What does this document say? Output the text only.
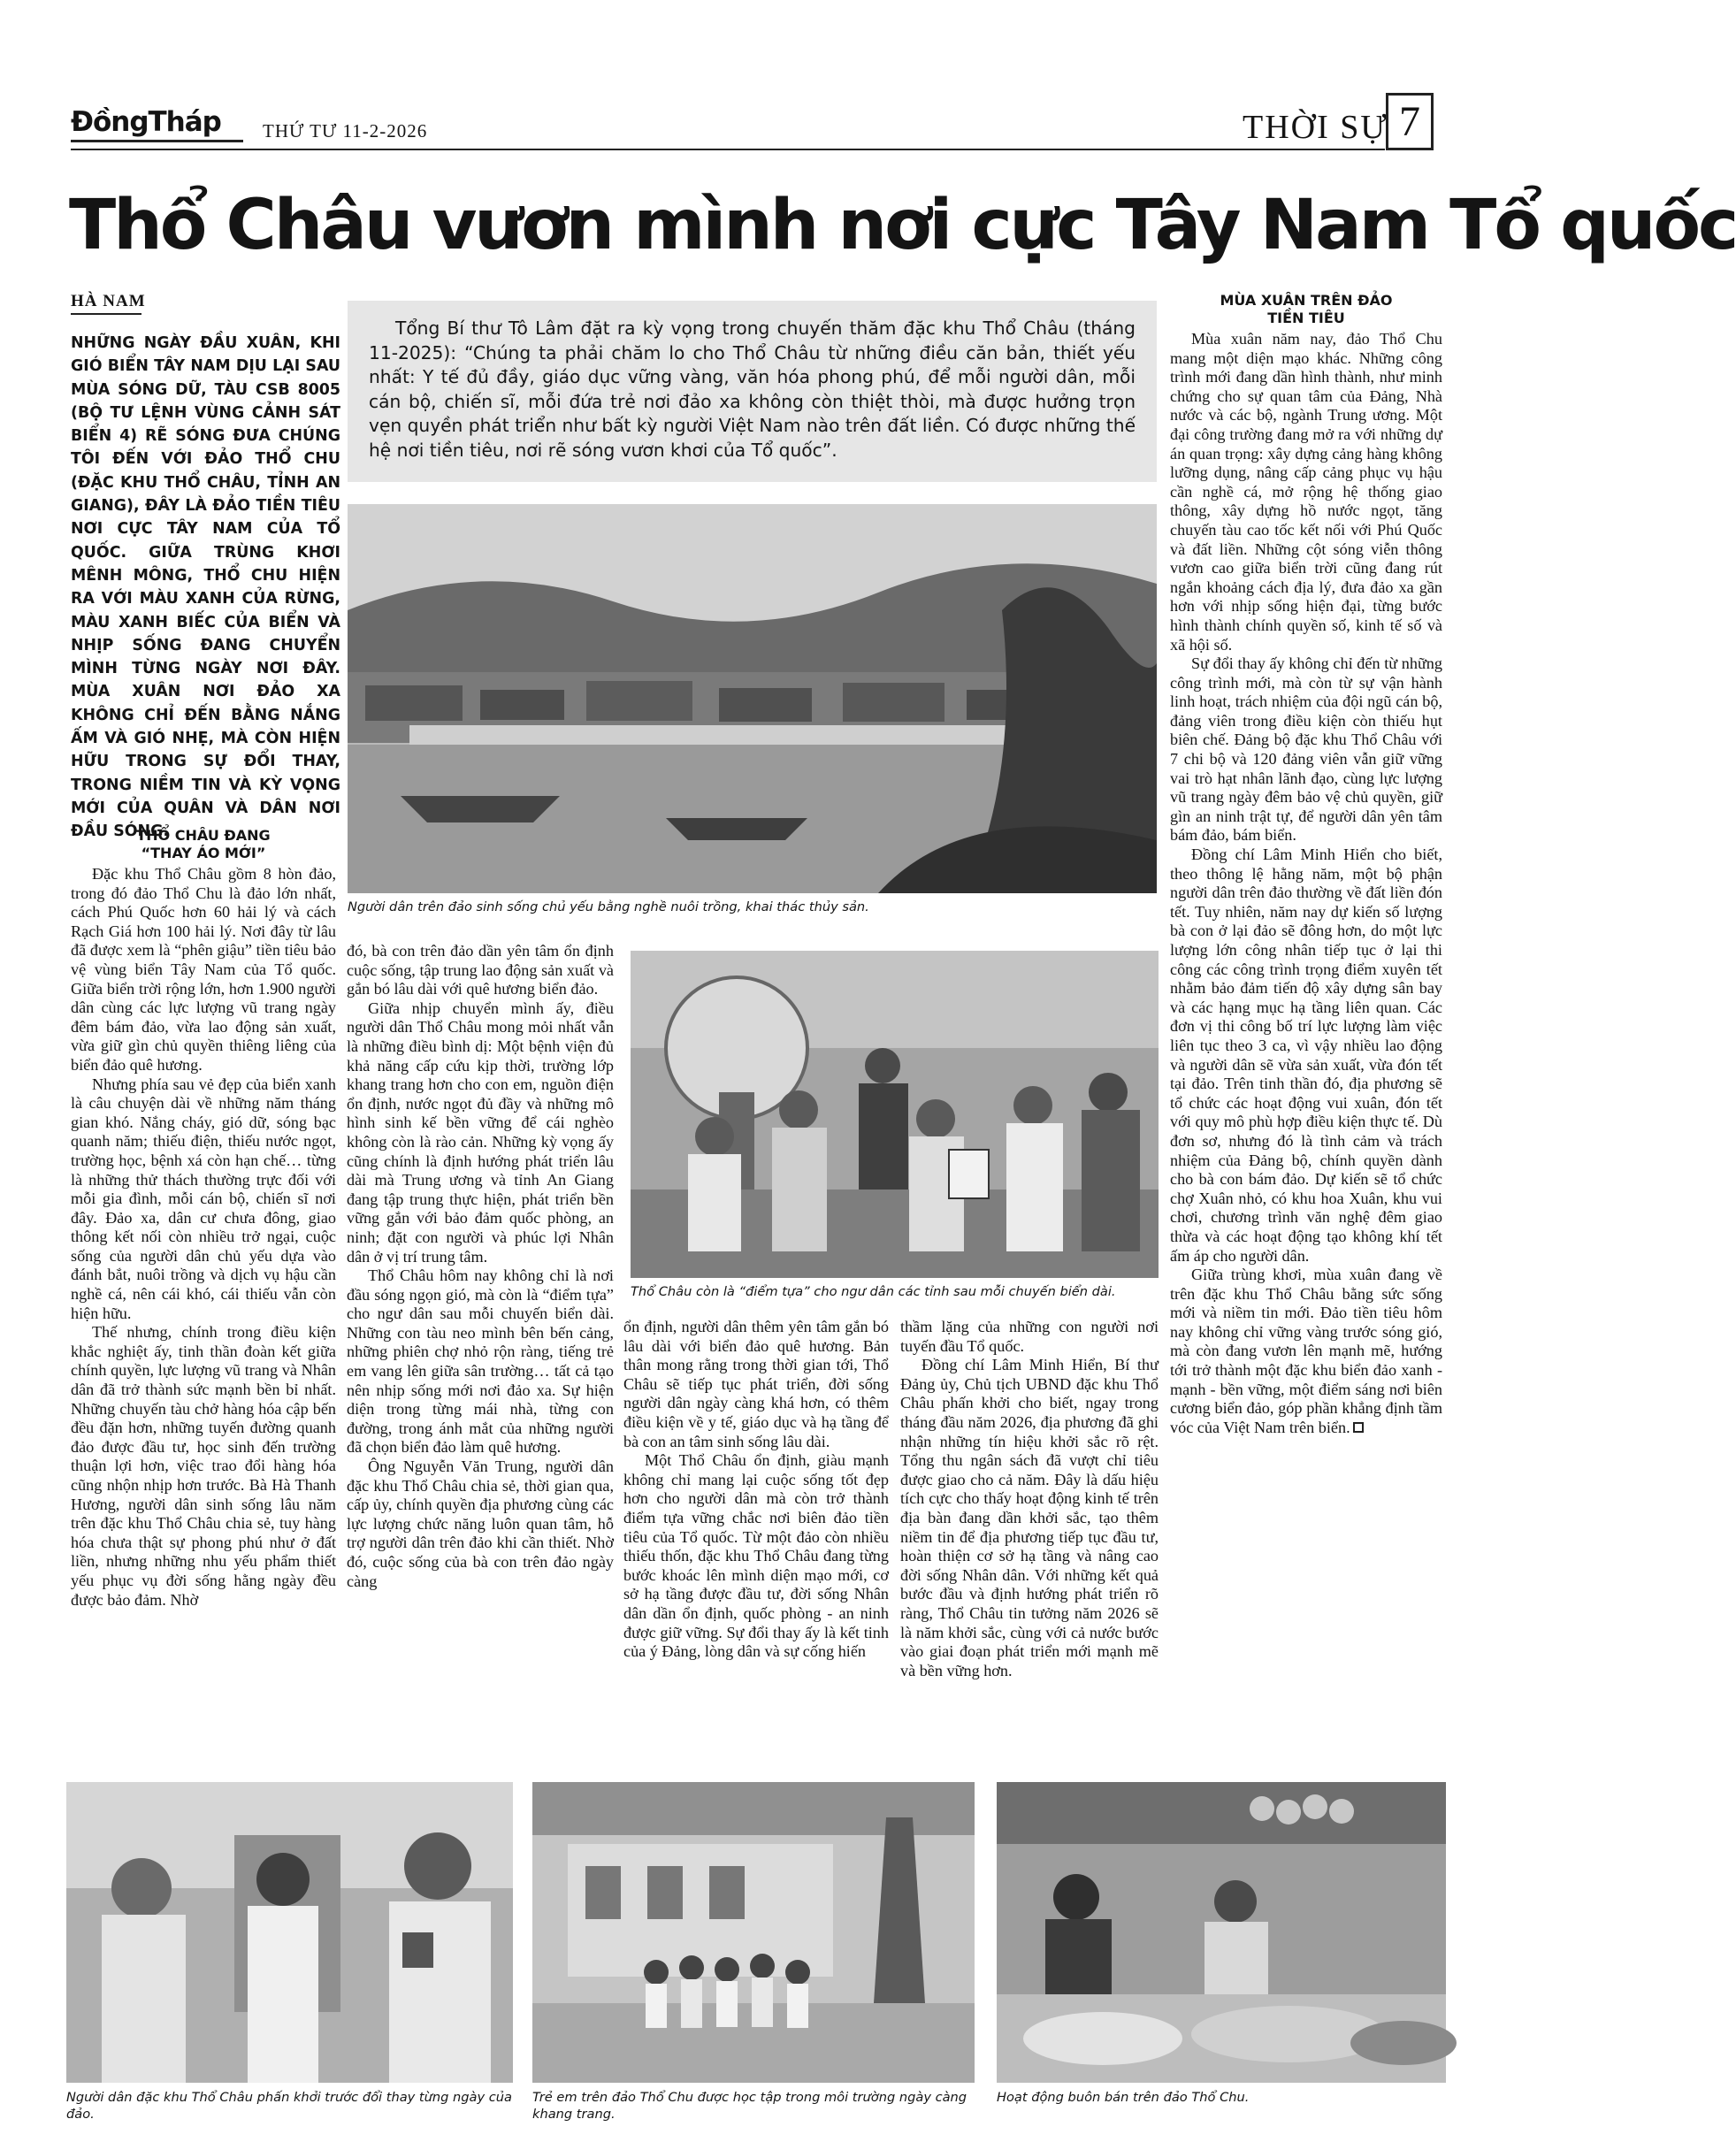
ĐồngTháp THỨ TƯ 11-2-2026	THỜI SỰ 7
Thổ Châu vươn mình nơi cực Tây Nam Tổ quốc
HÀ NAM

NHỮNG NGÀY ĐẦU XUÂN, KHI GIÓ BIỂN TÂY NAM DỊU LẠI SAU MÙA SÓNG DỮ, TÀU CSB 8005 (BỘ TƯ LỆNH VÙNG CẢNH SÁT BIỂN 4) RẼ SÓNG ĐƯA CHÚNG TÔI ĐẾN VỚI ĐẢO THỔ CHU (ĐẶC KHU THỔ CHÂU, TỈNH AN GIANG), ĐÂY LÀ ĐẢO TIỀN TIÊU NƠI CỰC TÂY NAM CỦA TỔ QUỐC. GIỮA TRÙNG KHƠI MÊNH MÔNG, THỔ CHU HIỆN RA VỚI MÀU XANH CỦA RỪNG, MÀU XANH BIẾC CỦA BIỂN VÀ NHỊP SỐNG ĐANG CHUYỂN MÌNH TỪNG NGÀY NƠI ĐÂY. MÙA XUÂN NƠI ĐẢO XA KHÔNG CHỈ ĐẾN BẰNG NẮNG ẤM VÀ GIÓ NHẸ, MÀ CÒN HIỆN HỮU TRONG SỰ ĐỔI THAY, TRONG NIỀM TIN VÀ KỲ VỌNG MỚI CỦA QUÂN VÀ DÂN NƠI ĐẦU SÓNG.

Tổng Bí thư Tô Lâm đặt ra kỳ vọng trong chuyến thăm đặc khu Thổ Châu (tháng 11-2025): “Chúng ta phải chăm lo cho Thổ Châu từ những điều căn bản, thiết yếu nhất: Y tế đủ đầy, giáo dục vững vàng, văn hóa phong phú, để mỗi người dân, mỗi cán bộ, chiến sĩ, mỗi đứa trẻ nơi đảo xa không còn thiệt thòi, mà được hưởng trọn vẹn quyền phát triển như bất kỳ người Việt Nam nào trên đất liền. Có được những thế hệ nơi tiền tiêu, nơi rẽ sóng vươn khơi của Tổ quốc”.

Người dân trên đảo sinh sống chủ yếu bằng nghề nuôi trồng, khai thác thủy sản.
Thổ Châu còn là “điểm tựa” cho ngư dân các tỉnh sau mỗi chuyến biển dài.
THỔ CHÂU ĐANG
“THAY ÁO MỚI”

Đặc khu Thổ Châu gồm 8 hòn đảo, trong đó đảo Thổ Chu là đảo lớn nhất, cách Phú Quốc hơn 60 hải lý và cách Rạch Giá hơn 100 hải lý. Nơi đây từ lâu đã được xem là “phên giậu” tiền tiêu bảo vệ vùng biển Tây Nam của Tổ quốc. Giữa biển trời rộng lớn, hơn 1.900 người dân cùng các lực lượng vũ trang ngày đêm bám đảo, vừa lao động sản xuất, vừa giữ gìn chủ quyền thiêng liêng của biển đảo quê hương.

Nhưng phía sau vẻ đẹp của biển xanh là câu chuyện dài về những năm tháng gian khó. Nắng cháy, gió dữ, sóng bạc quanh năm; thiếu điện, thiếu nước ngọt, trường học, bệnh xá còn hạn chế… từng là những thử thách thường trực đối với mỗi gia đình, mỗi cán bộ, chiến sĩ nơi đây. Đảo xa, dân cư chưa đông, giao thông kết nối còn nhiều trở ngại, cuộc sống của người dân chủ yếu dựa vào đánh bắt, nuôi trồng và dịch vụ hậu cần nghề cá, nên cái khó, cái thiếu vẫn còn hiện hữu.

Thế nhưng, chính trong điều kiện khắc nghiệt ấy, tinh thần đoàn kết giữa chính quyền, lực lượng vũ trang và Nhân dân đã trở thành sức mạnh bền bỉ nhất. Những chuyến tàu chở hàng hóa cập bến đều đặn hơn, những tuyến đường quanh đảo được đầu tư, học sinh đến trường thuận lợi hơn, việc trao đổi hàng hóa cũng nhộn nhịp hơn trước. Bà Hà Thanh Hương, người dân sinh sống lâu năm trên đặc khu Thổ Châu chia sẻ, tuy hàng hóa chưa thật sự phong phú như ở đất liền, nhưng những nhu yếu phẩm thiết yếu phục vụ đời sống hằng ngày đều được bảo đảm. Nhờ

đó, bà con trên đảo dần yên tâm ổn định cuộc sống, tập trung lao động sản xuất và gắn bó lâu dài với quê hương biển đảo.

Giữa nhịp chuyển mình ấy, điều người dân Thổ Châu mong mỏi nhất vẫn là những điều bình dị: Một bệnh viện đủ khả năng cấp cứu kịp thời, trường lớp khang trang hơn cho con em, nguồn điện ổn định, nước ngọt đủ đầy và những mô hình sinh kế bền vững để cái nghèo không còn là rào cản. Những kỳ vọng ấy cũng chính là định hướng phát triển lâu dài mà Trung ương và tỉnh An Giang đang tập trung thực hiện, phát triển bền vững gắn với bảo đảm quốc phòng, an ninh; đặt con người và phúc lợi Nhân dân ở vị trí trung tâm.

Thổ Châu hôm nay không chỉ là nơi đầu sóng ngọn gió, mà còn là “điểm tựa” cho ngư dân sau mỗi chuyến biển dài. Những con tàu neo mình bên bến cảng, những phiên chợ nhỏ rộn ràng, tiếng trẻ em vang lên giữa sân trường… tất cả tạo nên nhịp sống mới nơi đảo xa. Sự hiện diện trong từng mái nhà, từng con đường, trong ánh mắt của những người đã chọn biển đảo làm quê hương.

Ông Nguyễn Văn Trung, người dân đặc khu Thổ Châu chia sẻ, thời gian qua, cấp ủy, chính quyền địa phương cùng các lực lượng chức năng luôn quan tâm, hỗ trợ người dân trên đảo khi cần thiết. Nhờ đó, cuộc sống của bà con trên đảo ngày càng

ổn định, người dân thêm yên tâm gắn bó lâu dài với biển đảo quê hương. Bản thân mong rằng trong thời gian tới, Thổ Châu sẽ tiếp tục phát triển, đời sống người dân ngày càng khá hơn, có thêm điều kiện về y tế, giáo dục và hạ tầng để bà con an tâm sinh sống lâu dài.

Một Thổ Châu ổn định, giàu mạnh không chỉ mang lại cuộc sống tốt đẹp hơn cho người dân mà còn trở thành điểm tựa vững chắc nơi biên đảo tiền tiêu của Tổ quốc. Từ một đảo còn nhiều thiếu thốn, đặc khu Thổ Châu đang từng bước khoác lên mình diện mạo mới, cơ sở hạ tầng được đầu tư, đời sống Nhân dân dần ổn định, quốc phòng - an ninh được giữ vững. Sự đổi thay ấy là kết tinh của ý Đảng, lòng dân và sự cống hiến

thầm lặng của những con người nơi tuyến đầu Tổ quốc.

Đồng chí Lâm Minh Hiển, Bí thư Đảng ủy, Chủ tịch UBND đặc khu Thổ Châu phấn khởi cho biết, ngay trong tháng đầu năm 2026, địa phương đã ghi nhận những tín hiệu khởi sắc rõ rệt. Tổng thu ngân sách đã vượt chỉ tiêu được giao cho cả năm. Đây là dấu hiệu tích cực cho thấy hoạt động kinh tế trên địa bàn đang dần khởi sắc, tạo thêm niềm tin để địa phương tiếp tục đầu tư, hoàn thiện cơ sở hạ tầng và nâng cao đời sống Nhân dân. Với những kết quả bước đầu và định hướng phát triển rõ ràng, Thổ Châu tin tưởng năm 2026 sẽ là năm khởi sắc, cùng với cả nước bước vào giai đoạn phát triển mới mạnh mẽ và bền vững hơn.

MÙA XUÂN TRÊN ĐẢO
TIỀN TIÊU

Mùa xuân năm nay, đảo Thổ Chu mang một diện mạo khác. Những công trình mới đang dần hình thành, như minh chứng cho sự quan tâm của Đảng, Nhà nước và các bộ, ngành Trung ương. Một đại công trường đang mở ra với những dự án quan trọng: xây dựng cảng hàng không lưỡng dụng, nâng cấp cảng phục vụ hậu cần nghề cá, mở rộng hệ thống giao thông, xây dựng hồ nước ngọt, tăng chuyến tàu cao tốc kết nối với Phú Quốc và đất liền. Những cột sóng viễn thông vươn cao giữa biển trời cũng đang rút ngắn khoảng cách địa lý, đưa đảo xa gần hơn với nhịp sống hiện đại, từng bước hình thành chính quyền số, kinh tế số và xã hội số.

Sự đổi thay ấy không chỉ đến từ những công trình mới, mà còn từ sự vận hành linh hoạt, trách nhiệm của đội ngũ cán bộ, đảng viên trong điều kiện còn thiếu hụt biên chế. Đảng bộ đặc khu Thổ Châu với 7 chi bộ và 120 đảng viên vẫn giữ vững vai trò hạt nhân lãnh đạo, cùng lực lượng vũ trang ngày đêm bảo vệ chủ quyền, giữ gìn an ninh trật tự, để người dân yên tâm bám đảo, bám biển.

Đồng chí Lâm Minh Hiển cho biết, theo thông lệ hằng năm, một bộ phận người dân trên đảo thường về đất liền đón tết. Tuy nhiên, năm nay dự kiến số lượng bà con ở lại đảo sẽ đông hơn, do một lực lượng lớn công nhân tiếp tục ở lại thi công các công trình trọng điểm xuyên tết nhằm bảo đảm tiến độ xây dựng sân bay và các hạng mục hạ tầng liên quan. Các đơn vị thi công bố trí lực lượng làm việc liên tục theo 3 ca, vì vậy nhiều lao động và người dân sẽ vừa sản xuất, vừa đón tết tại đảo. Trên tinh thần đó, địa phương sẽ tổ chức các hoạt động vui xuân, đón tết với quy mô phù hợp điều kiện thực tế. Dù đơn sơ, nhưng đó là tình cảm và trách nhiệm của Đảng bộ, chính quyền dành cho bà con bám đảo. Dự kiến sẽ tổ chức chợ Xuân nhỏ, có khu hoa Xuân, khu vui chơi, chương trình văn nghệ đêm giao thừa và các hoạt động tạo không khí tết ấm áp cho người dân.

Giữa trùng khơi, mùa xuân đang về trên đặc khu Thổ Châu bằng sức sống mới và niềm tin mới. Đảo tiền tiêu hôm nay không chỉ vững vàng trước sóng gió, mà còn đang vươn lên mạnh mẽ, hướng tới trở thành một đặc khu biển đảo xanh - mạnh - bền vững, một điểm sáng nơi biên cương biển đảo, góp phần khẳng định tầm vóc của Việt Nam trên biển.

Người dân đặc khu Thổ Châu phấn khởi trước đổi thay từng ngày của đảo.
Trẻ em trên đảo Thổ Chu được học tập trong môi trường ngày càng khang trang.
Hoạt động buôn bán trên đảo Thổ Chu.
